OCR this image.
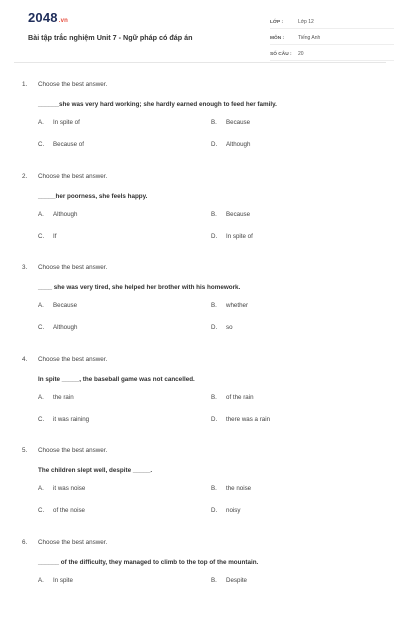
2048.vn
Bài tập trắc nghiệm Unit 7 - Ngữ pháp có đáp án
LỚP :	Lớp 12
MÔN :	Tiếng Anh
SỐ CÂU :	20
1.	Choose the best answer.
______she was very hard working; she hardly earned enough to feed her family.
A.	In spite of	B.	Because
C.	Because of	D.	Although
2.	Choose the best answer.
_____her poorness, she feels happy.
A.	Although	B.	Because
C.	If	D.	In spite of
3.	Choose the best answer.
____ she was very tired, she helped her brother with his homework.
A.	Because	B.	whether
C.	Although	D.	so
4.	Choose the best answer.
In spite _____, the baseball game was not cancelled.
A.	the rain	B.	of the rain
C.	it was raining	D.	there was a rain
5.	Choose the best answer.
The children slept well, despite _____.
A.	it was noise	B.	the noise
C.	of the noise	D.	noisy
6.	Choose the best answer.
______ of the difficulty, they managed to climb to the top of the mountain.
A.	In spite	B.	Despite
